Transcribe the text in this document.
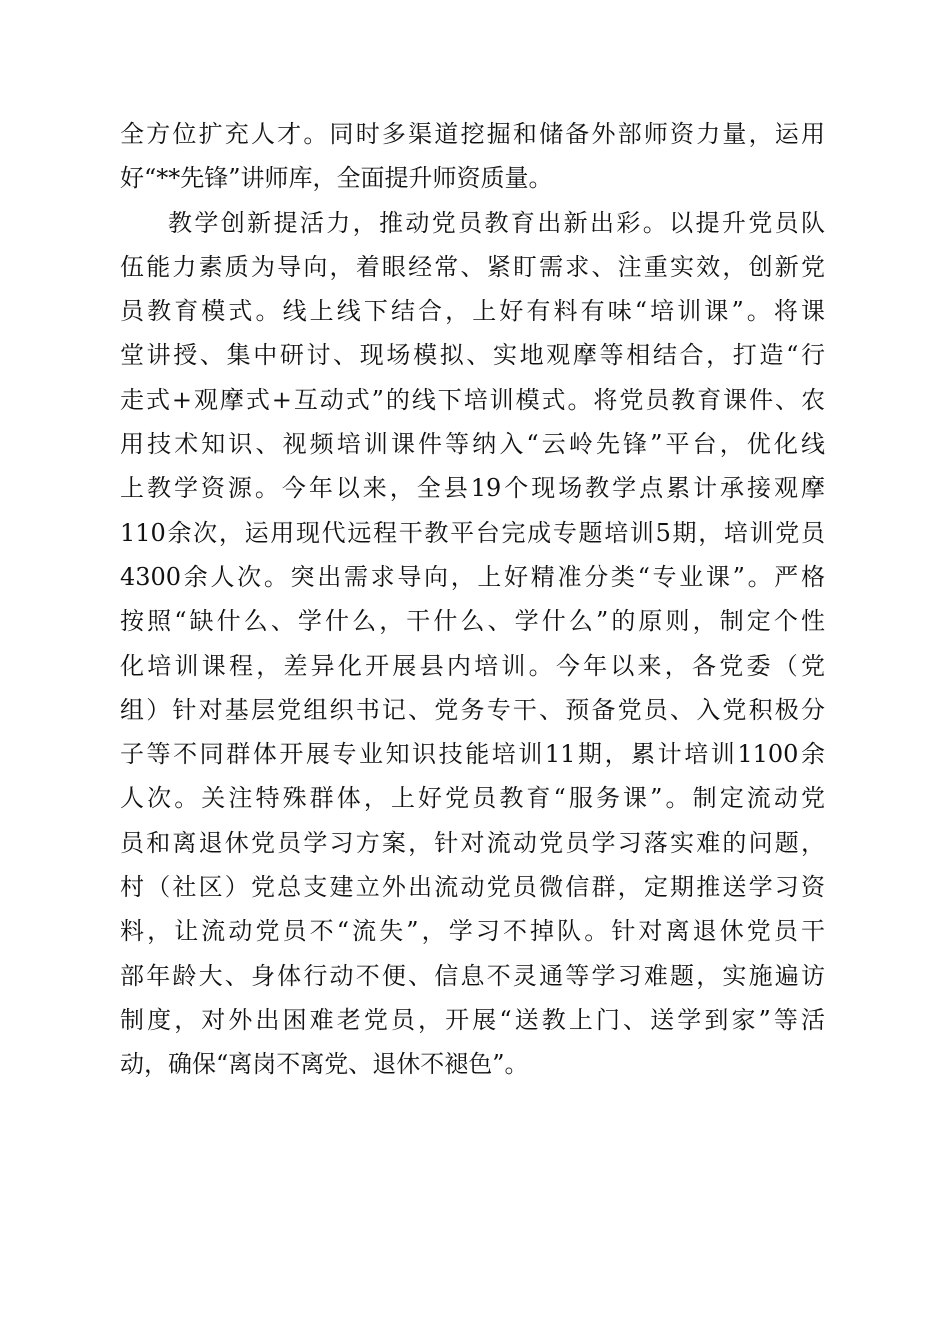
全方位扩充人才。同时多渠道挖掘和储备外部师资力量，运用
好“**先锋”讲师库，全面提升师资质量。
教学创新提活力，推动党员教育出新出彩。以提升党员队
伍能力素质为导向，着眼经常、紧盯需求、注重实效，创新党
员教育模式。线上线下结合，上好有料有味“培训课”。将课
堂讲授、集中研讨、现场模拟、实地观摩等相结合，打造“行
走式+观摩式+互动式”的线下培训模式。将党员教育课件、农
用技术知识、视频培训课件等纳入“云岭先锋”平台，优化线
上教学资源。今年以来，全县19个现场教学点累计承接观摩
110余次，运用现代远程干教平台完成专题培训5期，培训党员
4300余人次。突出需求导向，上好精准分类“专业课”。严格
按照“缺什么、学什么，干什么、学什么”的原则，制定个性
化培训课程，差异化开展县内培训。今年以来，各党委（党
组）针对基层党组织书记、党务专干、预备党员、入党积极分
子等不同群体开展专业知识技能培训11期，累计培训1100余
人次。关注特殊群体，上好党员教育“服务课”。制定流动党
员和离退休党员学习方案，针对流动党员学习落实难的问题，
村（社区）党总支建立外出流动党员微信群，定期推送学习资
料，让流动党员不“流失”，学习不掉队。针对离退休党员干
部年龄大、身体行动不便、信息不灵通等学习难题，实施遍访
制度，对外出困难老党员，开展“送教上门、送学到家”等活
动，确保“离岗不离党、退休不褪色”。
